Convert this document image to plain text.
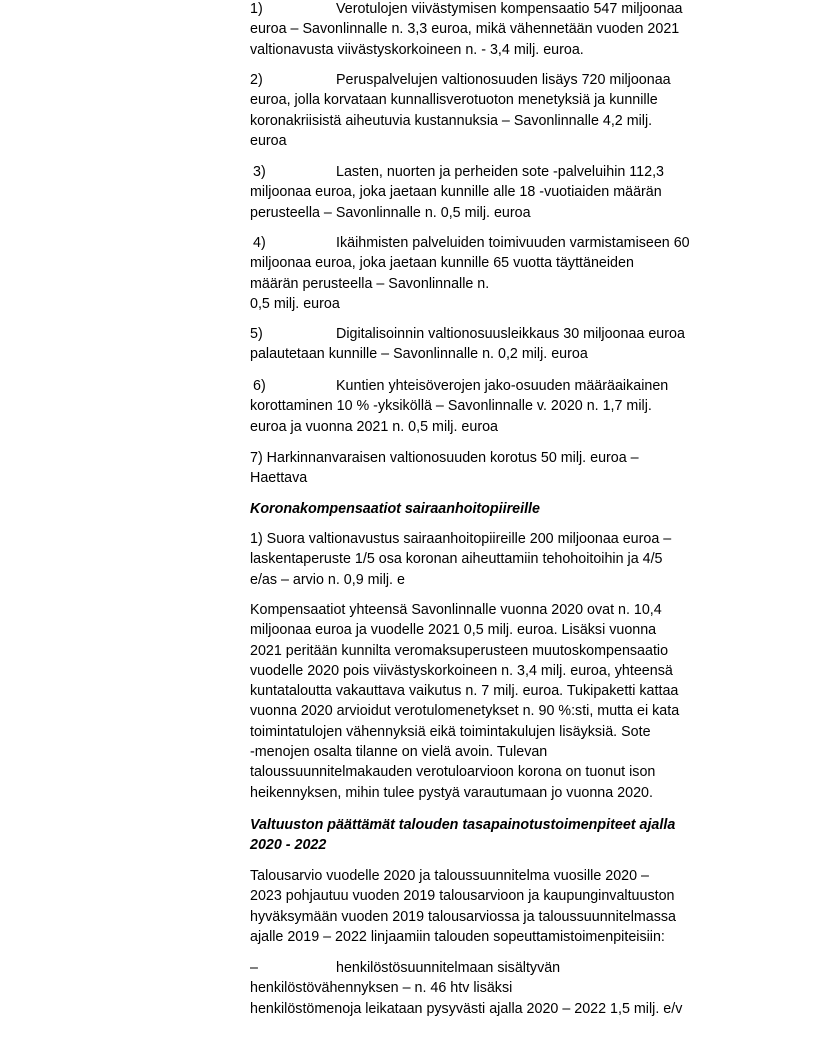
1)	Verotulojen viivästymisen kompensaatio 547 miljoonaa
euroa – Savonlinnalle n. 3,3 euroa, mikä vähennetään vuoden 2021
valtionavusta viivästyskorkoineen n. - 3,4 milj. euroa.

2)	Peruspalvelujen valtionosuuden lisäys 720 miljoonaa
euroa, jolla korvataan kunnallisverotuoton menetyksiä ja kunnille
koronakriisistä aiheutuvia kustannuksia – Savonlinnalle 4,2 milj.
euroa

3)	Lasten, nuorten ja perheiden sote -palveluihin 112,3
miljoonaa euroa, joka jaetaan kunnille alle 18 -vuotiaiden määrän
perusteella – Savonlinnalle n. 0,5 milj. euroa

4)	Ikäihmisten palveluiden toimivuuden varmistamiseen 60
miljoonaa euroa, joka jaetaan kunnille 65 vuotta täyttäneiden
määrän perusteella – Savonlinnalle n.
0,5 milj. euroa

5)	Digitalisoinnin valtionosuusleikkaus 30 miljoonaa euroa
palautetaan kunnille – Savonlinnalle n. 0,2 milj. euroa

6)	Kuntien yhteisöverojen jako-osuuden määräaikainen
korottaminen 10 % -yksiköllä – Savonlinnalle v. 2020 n. 1,7 milj.
euroa ja vuonna 2021 n. 0,5 milj. euroa

7) Harkinnanvaraisen valtionosuuden korotus 50 milj. euroa –
Haettava

Koronakompensaatiot sairaanhoitopiireille

1) Suora valtionavustus sairaanhoitopiireille 200 miljoonaa euroa –
laskentaperuste 1/5 osa koronan aiheuttamiin tehohoitoihin ja 4/5
e/as – arvio n. 0,9 milj. e

Kompensaatiot yhteensä Savonlinnalle vuonna 2020 ovat n. 10,4
miljoonaa euroa ja vuodelle 2021 0,5 milj. euroa. Lisäksi vuonna
2021 peritään kunnilta veromaksuperusteen muutoskompensaatio
vuodelle 2020 pois viivästyskorkoineen n. 3,4 milj. euroa, yhteensä
kuntataloutta vakauttava vaikutus n. 7 milj. euroa. Tukipaketti kattaa
vuonna 2020 arvioidut verotulomenetykset n. 90 %:sti, mutta ei kata
toimintatulojen vähennyksiä eikä toimintakulujen lisäyksiä. Sote
-menojen osalta tilanne on vielä avoin. Tulevan
taloussuunnitelmakauden verotuloarvioon korona on tuonut ison
heikennyksen, mihin tulee pystyä varautumaan jo vuonna 2020.

Valtuuston päättämät talouden tasapainotustoimenpiteet ajalla
2020 - 2022

Talousarvio vuodelle 2020 ja taloussuunnitelma vuosille 2020 –
2023 pohjautuu vuoden 2019 talousarvioon ja kaupunginvaltuuston
hyväksymään vuoden 2019 talousarviossa ja taloussuunnitelmassa
ajalle 2019 – 2022 linjaamiin talouden sopeuttamistoimenpiteisiin:

–	henkilöstösuunnitelmaan sisältyvän
henkilöstövähennyksen – n. 46 htv lisäksi
henkilöstömenoja leikataan pysyvästi ajalla 2020 – 2022 1,5 milj. e/v
